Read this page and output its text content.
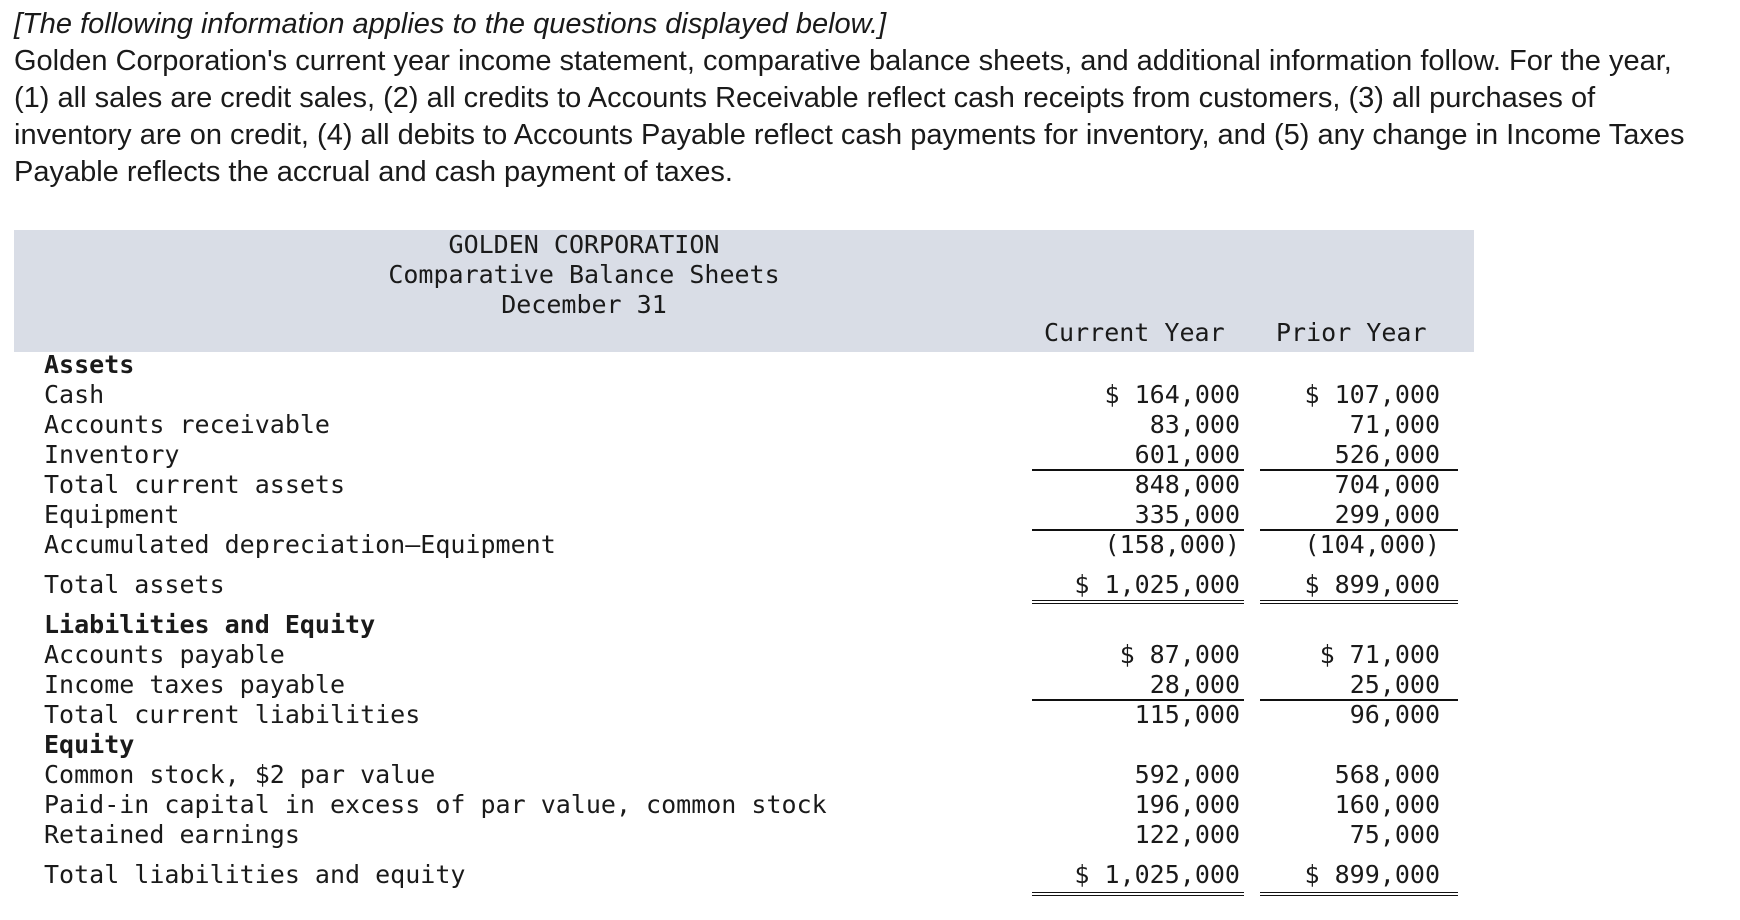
[The following information applies to the questions displayed below.]
Golden Corporation's current year income statement, comparative balance sheets, and additional information follow. For the year, (1) all sales are credit sales, (2) all credits to Accounts Receivable reflect cash receipts from customers, (3) all purchases of inventory are on credit, (4) all debits to Accounts Payable reflect cash payments for inventory, and (5) any change in Income Taxes Payable reflects the accrual and cash payment of taxes.
GOLDEN CORPORATION
Comparative Balance Sheets
December 31
Current Year Prior Year
Assets
Cash	$ 164,000	$ 107,000
Accounts receivable	83,000	71,000
Inventory	601,000	526,000
Total current assets	848,000	704,000
Equipment	335,000	299,000
Accumulated depreciation—Equipment	(158,000)	(104,000)
Total assets	$ 1,025,000	$ 899,000
Liabilities and Equity
Accounts payable	$ 87,000	$ 71,000
Income taxes payable	28,000	25,000
Total current liabilities	115,000	96,000
Equity
Common stock, $2 par value	592,000	568,000
Paid-in capital in excess of par value, common stock	196,000	160,000
Retained earnings	122,000	75,000
Total liabilities and equity	$ 1,025,000	$ 899,000
